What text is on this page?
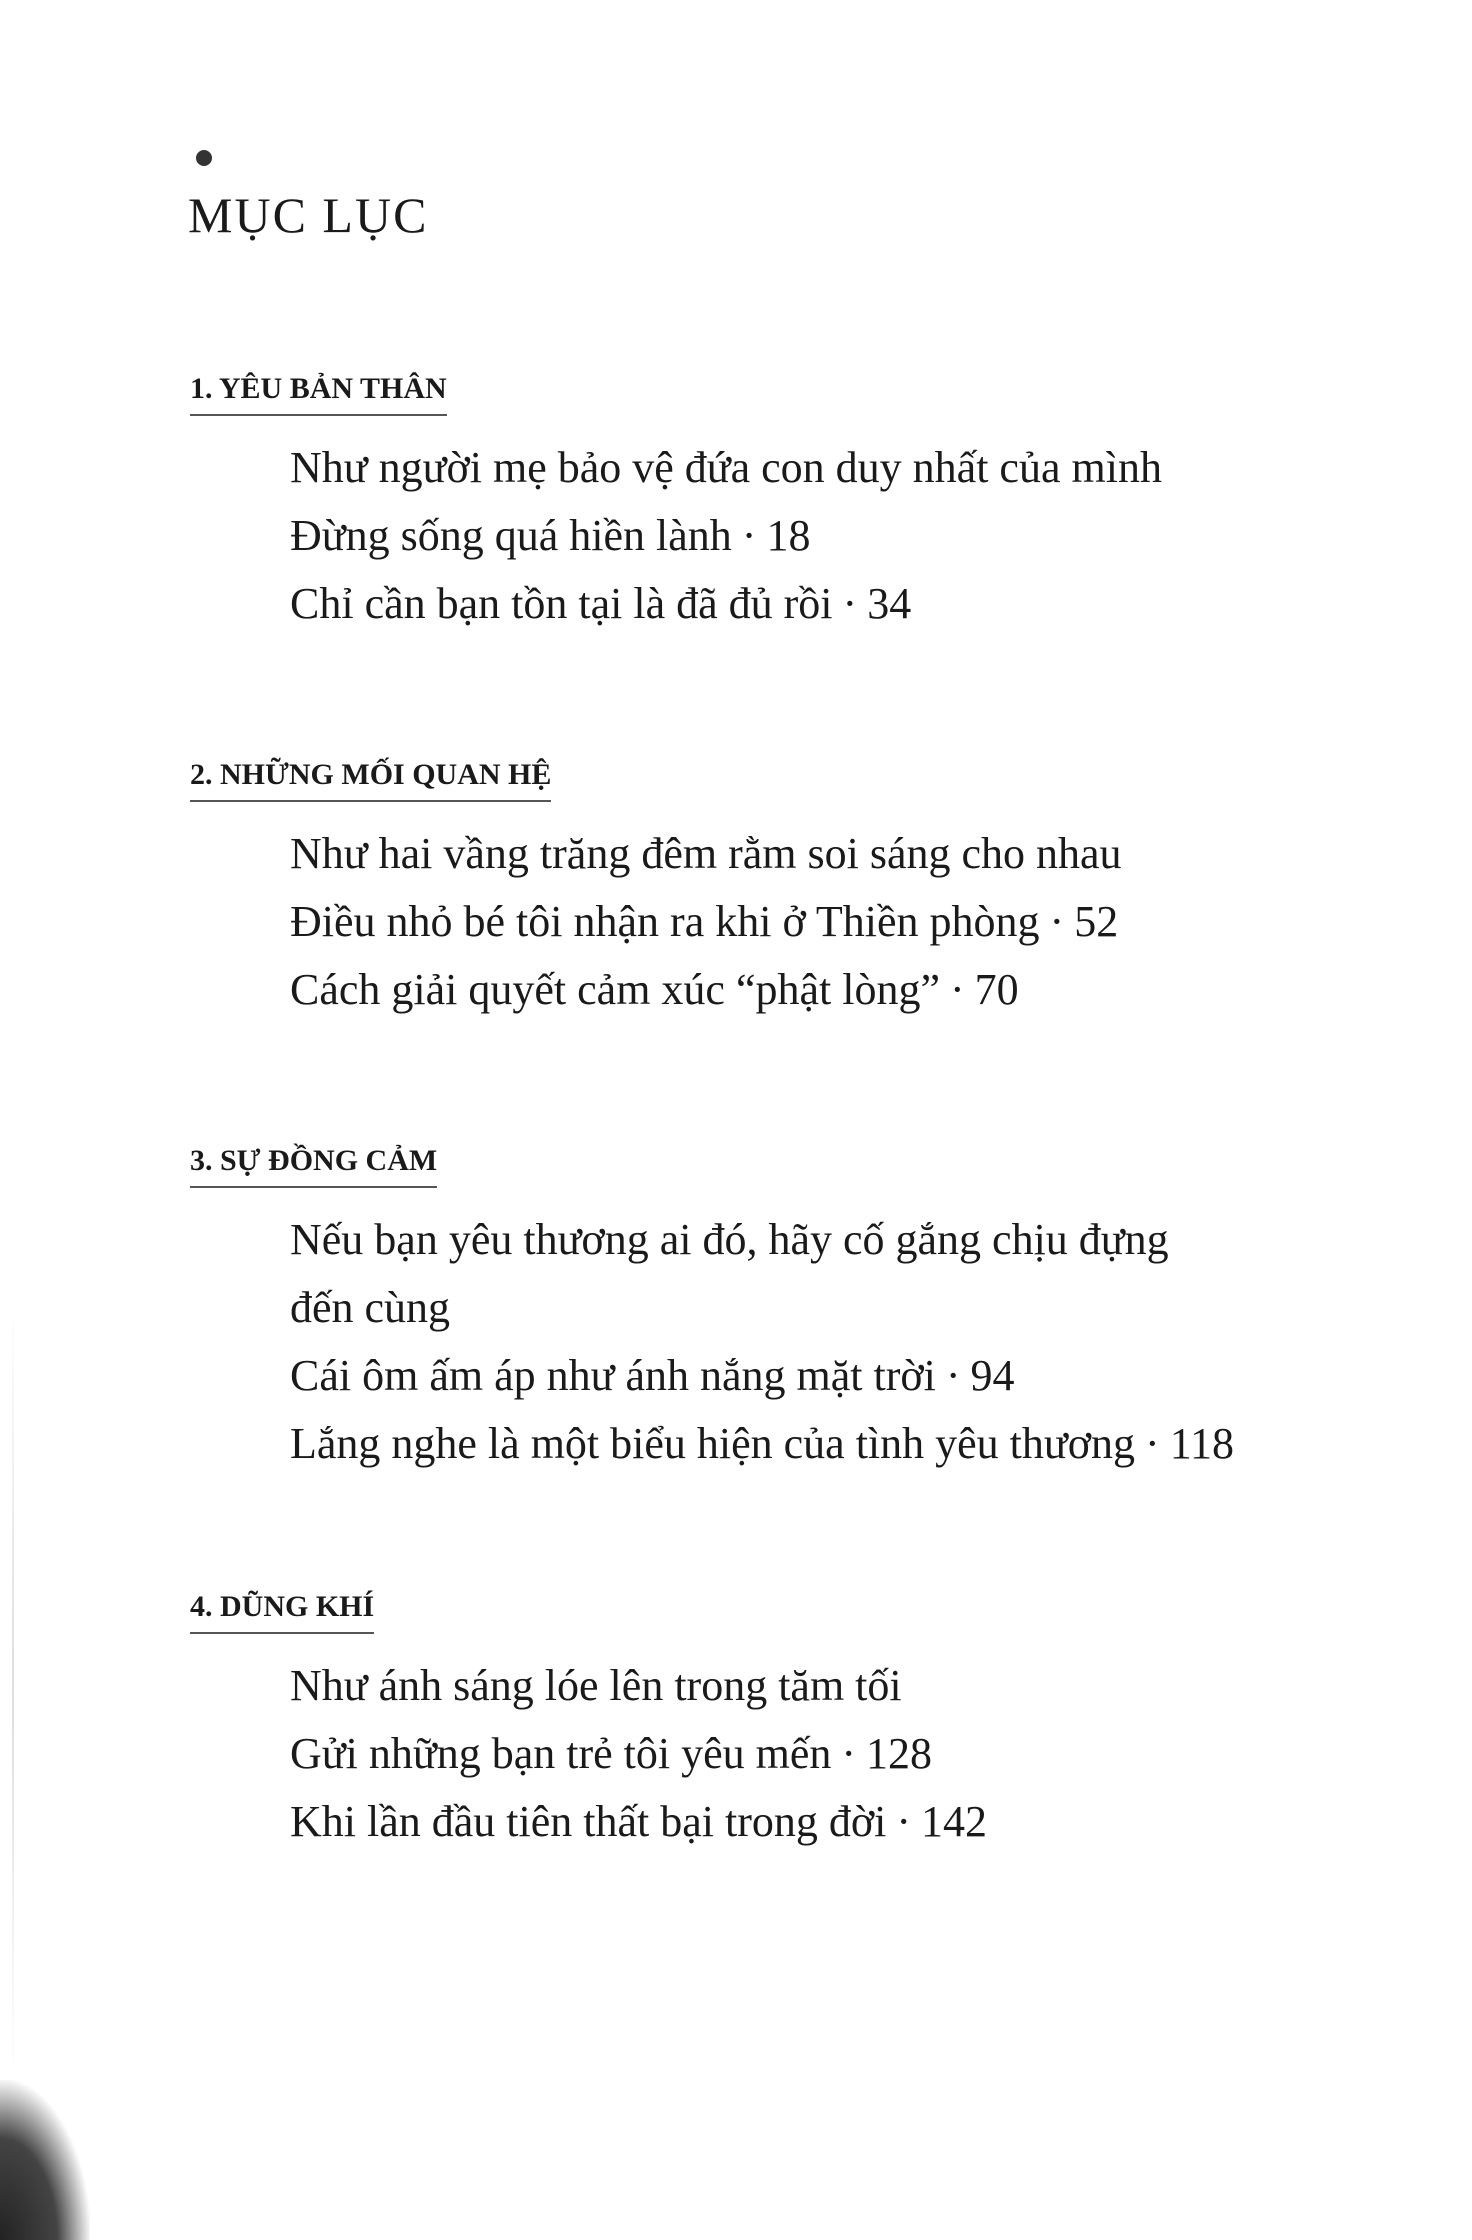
MỤC LỤC
1. YÊU BẢN THÂN
Như người mẹ bảo vệ đứa con duy nhất của mình
Đừng sống quá hiền lành · 18
Chỉ cần bạn tồn tại là đã đủ rồi · 34
2. NHỮNG MỐI QUAN HỆ
Như hai vầng trăng đêm rằm soi sáng cho nhau
Điều nhỏ bé tôi nhận ra khi ở Thiền phòng · 52
Cách giải quyết cảm xúc “phật lòng” · 70
3. SỰ ĐỒNG CẢM
Nếu bạn yêu thương ai đó, hãy cố gắng chịu đựng
đến cùng
Cái ôm ấm áp như ánh nắng mặt trời · 94
Lắng nghe là một biểu hiện của tình yêu thương · 118
4. DŨNG KHÍ
Như ánh sáng lóe lên trong tăm tối
Gửi những bạn trẻ tôi yêu mến · 128
Khi lần đầu tiên thất bại trong đời · 142
